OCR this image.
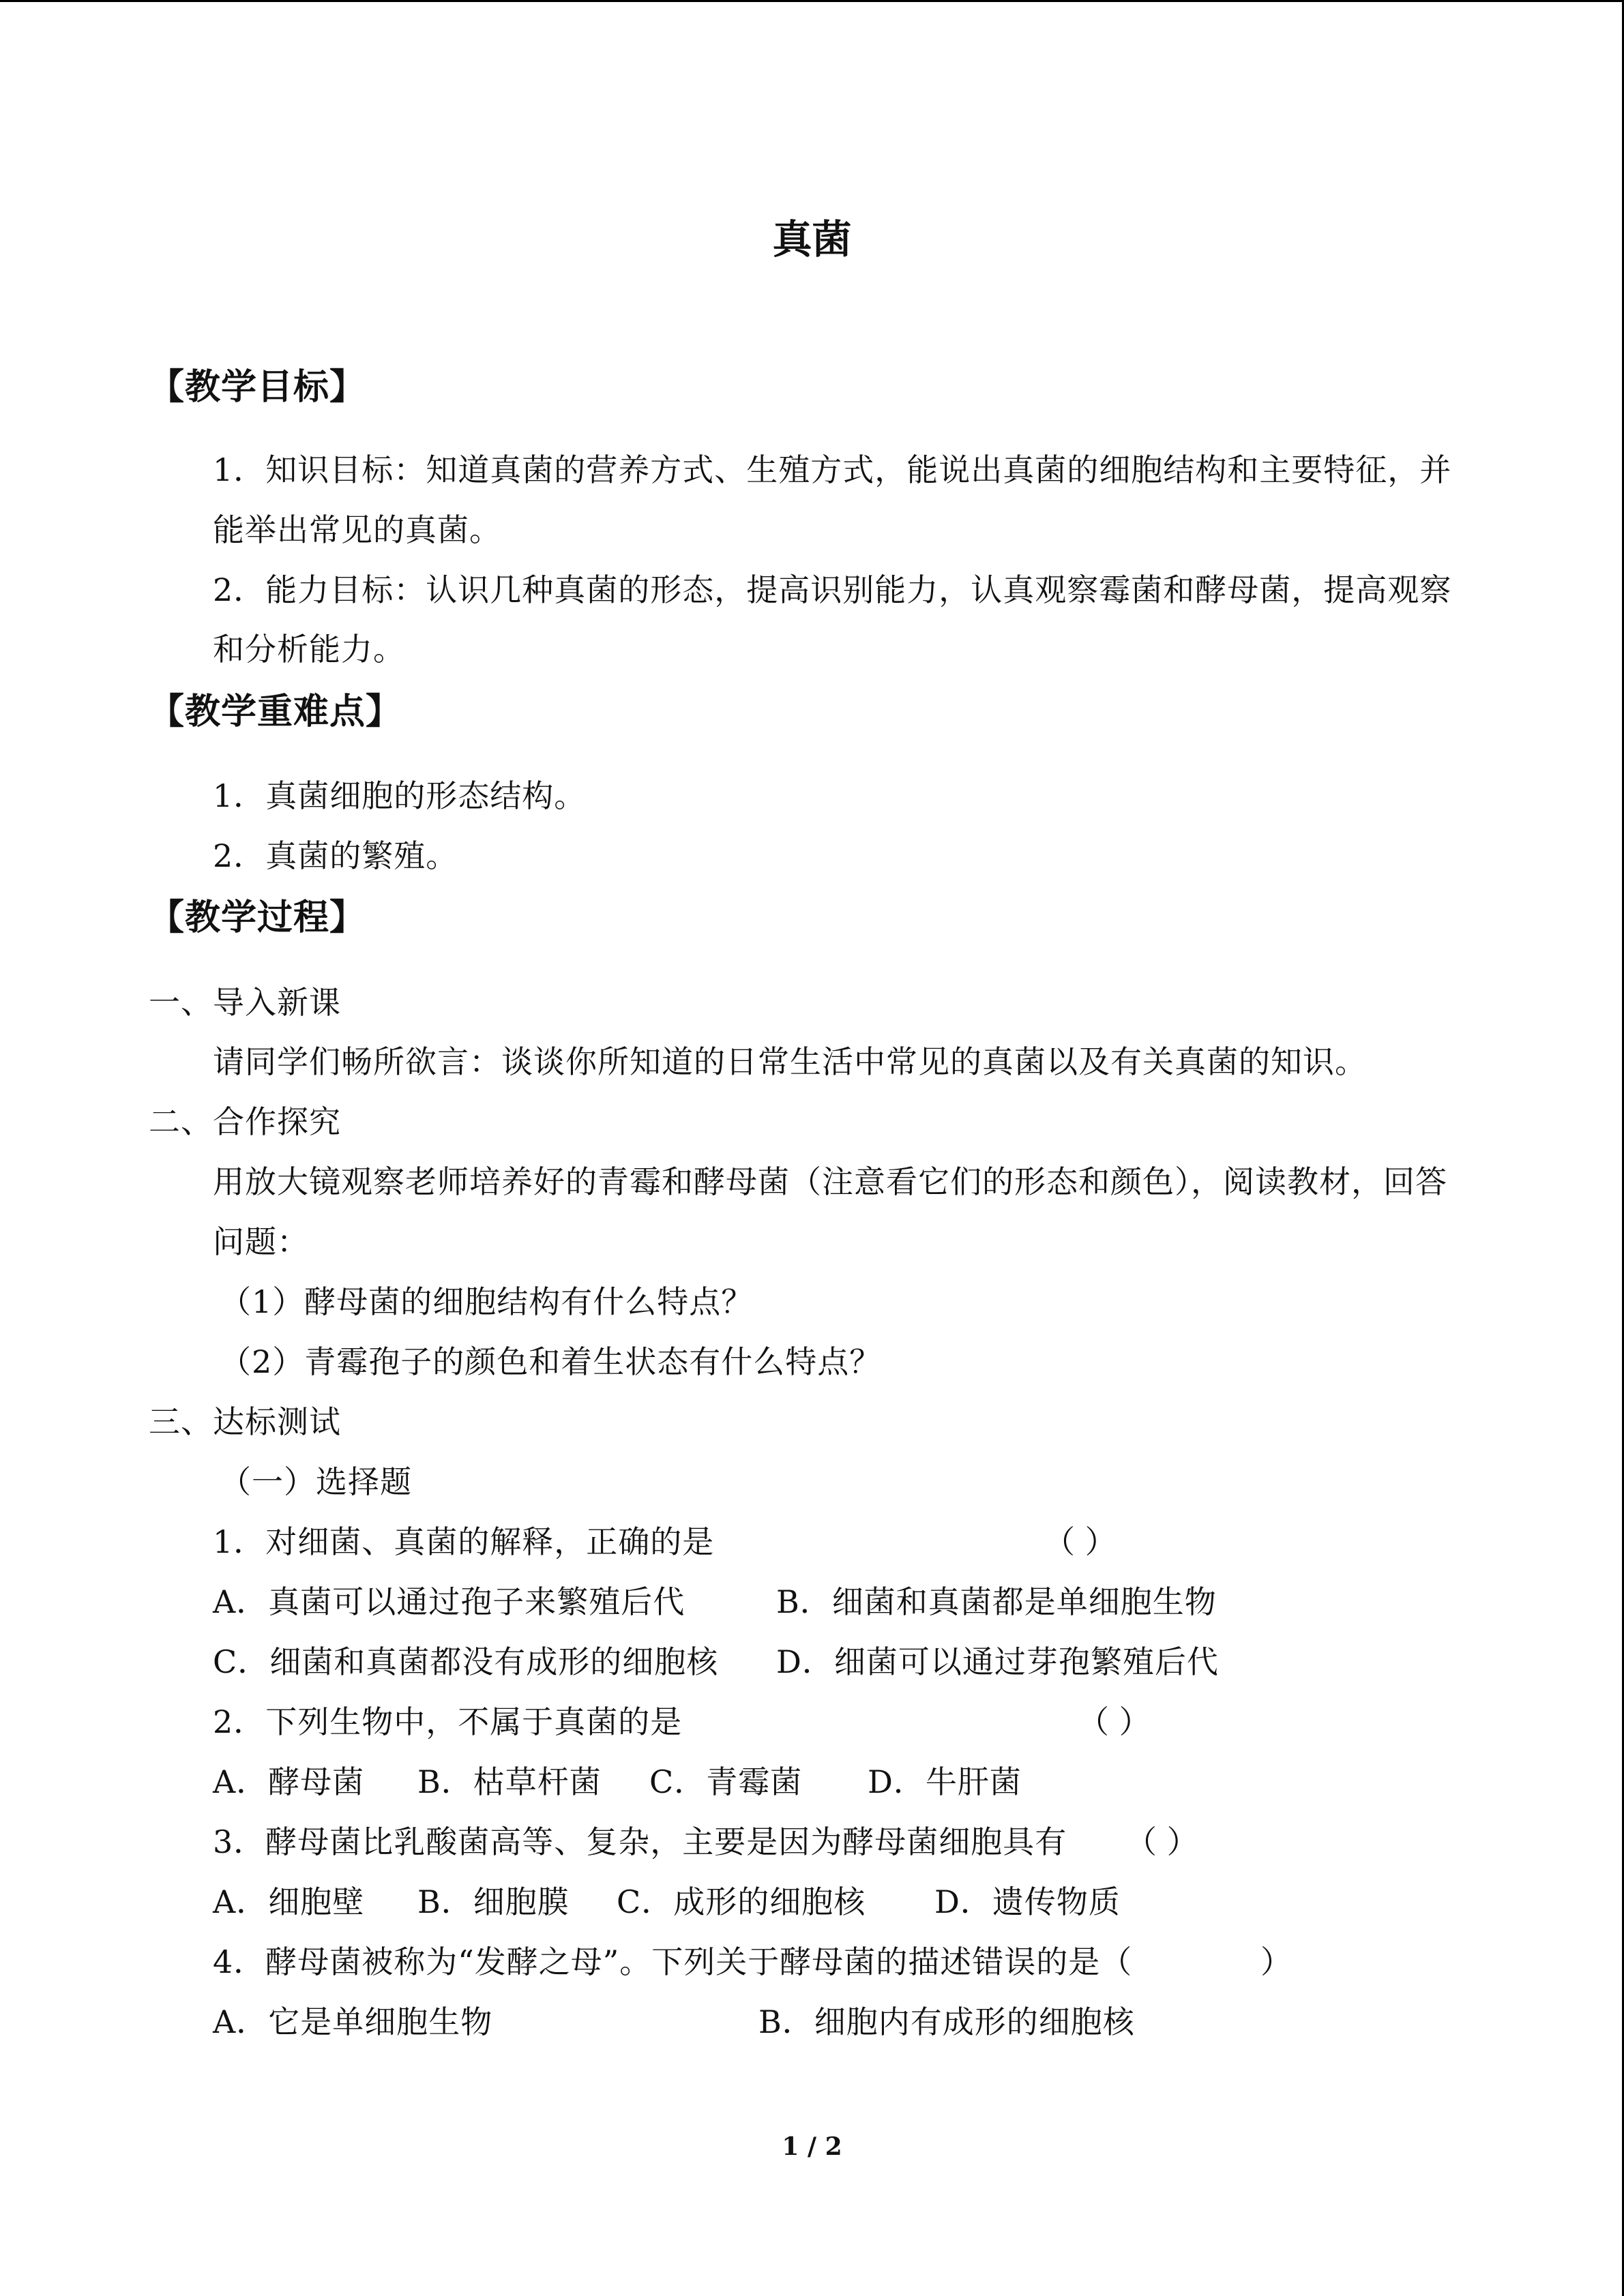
真菌
【教学目标】
1．知识目标：知道真菌的营养方式、生殖方式，能说出真菌的细胞结构和主要特征，并
能举出常见的真菌。
2．能力目标：认识几种真菌的形态，提高识别能力，认真观察霉菌和酵母菌，提高观察
和分析能力。
【教学重难点】
1．真菌细胞的形态结构。
2．真菌的繁殖。
【教学过程】
一、导入新课
请同学们畅所欲言：谈谈你所知道的日常生活中常见的真菌以及有关真菌的知识。
二、合作探究
用放大镜观察老师培养好的青霉和酵母菌（注意看它们的形态和颜色），阅读教材，回答
问题：
（1）酵母菌的细胞结构有什么特点？
（2）青霉孢子的颜色和着生状态有什么特点？
三、达标测试
（一）选择题
1．对细菌、真菌的解释，正确的是	（ ）
A．真菌可以通过孢子来繁殖后代	B．细菌和真菌都是单细胞生物
C．细菌和真菌都没有成形的细胞核 D．细菌可以通过芽孢繁殖后代
2．下列生物中，不属于真菌的是	（ ）
A．酵母菌 B．枯草杆菌 C．青霉菌 D．牛肝菌
3．酵母菌比乳酸菌高等、复杂，主要是因为酵母菌细胞具有 （ ）
A．细胞壁 B．细胞膜 C．成形的细胞核 D．遗传物质
4．酵母菌被称为“发酵之母”。下列关于酵母菌的描述错误的是（	）
A．它是单细胞生物	B．细胞内有成形的细胞核
1 / 2
